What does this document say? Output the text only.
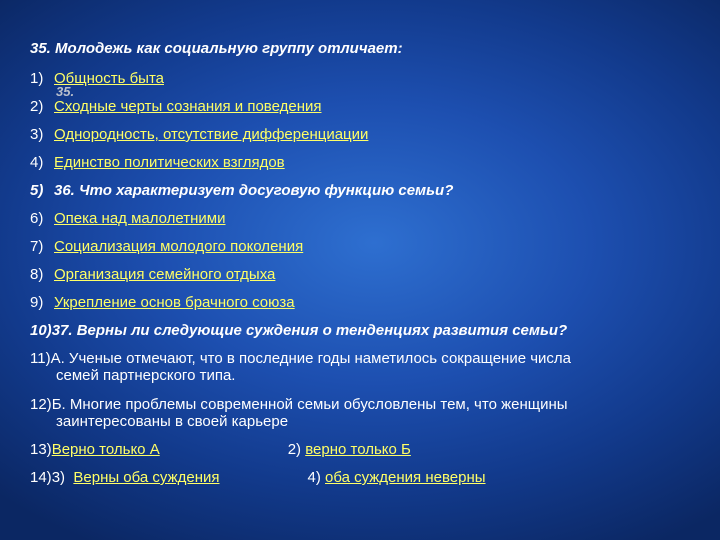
35. Молодежь как социальную группу отличает:
35.
1) Общность быта
2) Сходные черты сознания и поведения
3) Однородность, отсутствие дифференциации
4) Единство политических взглядов
5) 36. Что характеризует досуговую функцию семьи?
6) Опека над малолетними
7) Социализация молодого поколения
8) Организация семейного отдыха
9) Укрепление основ брачного союза
10)37. Верны ли следующие суждения о тенденциях развития семьи?
11)А. Ученые отмечают, что в последние годы наметилось сокращение числа
семей партнерского типа.
12)Б. Многие проблемы современной семьи обусловлены тем, что женщины
заинтересованы в своей карьере
13)Верно только А	2) верно только Б
14)3) Верны оба суждения	4) оба суждения неверны
